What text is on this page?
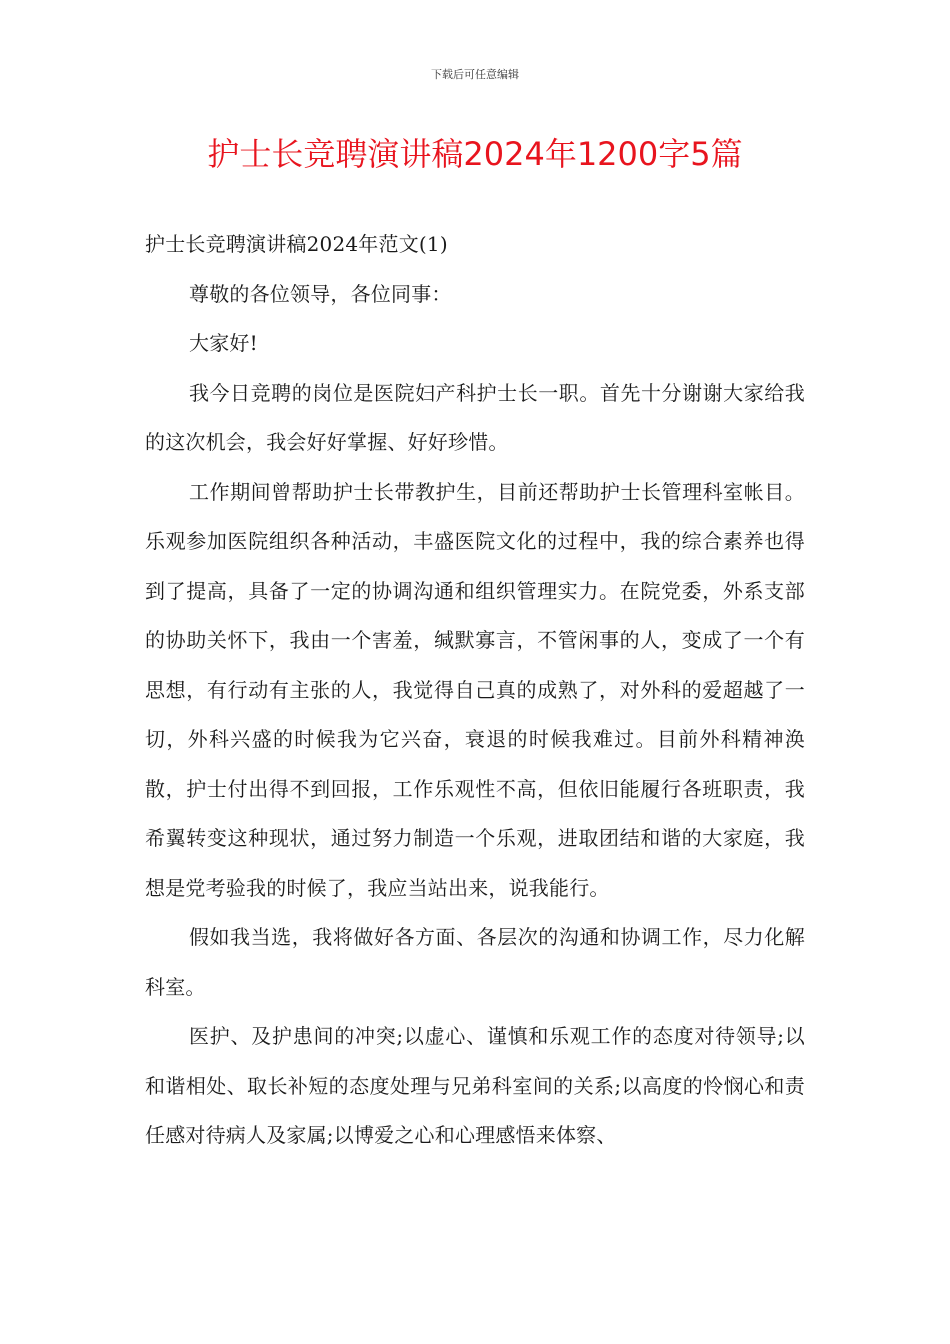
下载后可任意编辑
护士长竞聘演讲稿2024年1200字5篇

护士长竞聘演讲稿2024年范文(1)

尊敬的各位领导，各位同事：

大家好!

我今日竞聘的岗位是医院妇产科护士长一职。首先十分谢谢大家给我的这次机会，我会好好掌握、好好珍惜。

工作期间曾帮助护士长带教护生，目前还帮助护士长管理科室帐目。乐观参加医院组织各种活动，丰盛医院文化的过程中，我的综合素养也得到了提高，具备了一定的协调沟通和组织管理实力。在院党委，外系支部的协助关怀下，我由一个害羞，缄默寡言，不管闲事的人，变成了一个有思想，有行动有主张的人，我觉得自己真的成熟了，对外科的爱超越了一切，外科兴盛的时候我为它兴奋，衰退的时候我难过。目前外科精神涣散，护士付出得不到回报，工作乐观性不高，但依旧能履行各班职责，我希翼转变这种现状，通过努力制造一个乐观，进取团结和谐的大家庭，我想是党考验我的时候了，我应当站出来，说我能行。

假如我当选，我将做好各方面、各层次的沟通和协调工作，尽力化解科室。

医护、及护患间的冲突;以虚心、谨慎和乐观工作的态度对待领导;以和谐相处、取长补短的态度处理与兄弟科室间的关系;以高度的怜悯心和责任感对待病人及家属;以博爱之心和心理感悟来体察、
